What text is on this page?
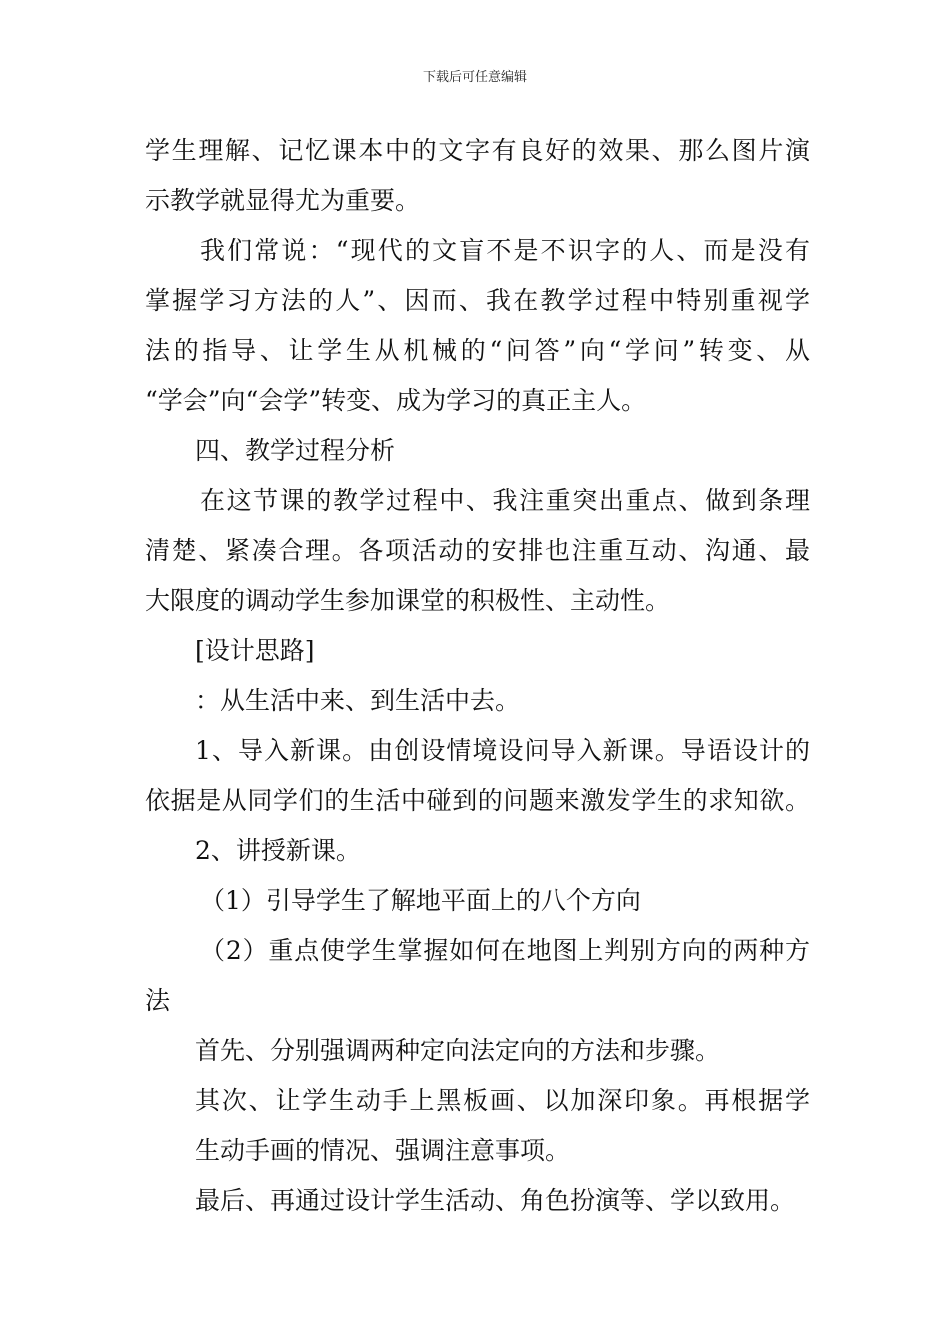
下载后可任意编辑
学生理解、记忆课本中的文字有良好的效果、那么图片演
示教学就显得尤为重要。
我们常说：“现代的文盲不是不识字的人、而是没有
掌握学习方法的人”、因而、我在教学过程中特别重视学
法的指导、让学生从机械的“问答”向“学问”转变、从
“学会”向“会学”转变、成为学习的真正主人。
四、教学过程分析
在这节课的教学过程中、我注重突出重点、做到条理
清楚、紧凑合理。各项活动的安排也注重互动、沟通、最
大限度的调动学生参加课堂的积极性、主动性。
[设计思路]
：从生活中来、到生活中去。
1、导入新课。由创设情境设问导入新课。导语设计的
依据是从同学们的生活中碰到的问题来激发学生的求知欲。
2、讲授新课。
（1）引导学生了解地平面上的八个方向
（2）重点使学生掌握如何在地图上判别方向的两种方
法
首先、分别强调两种定向法定向的方法和步骤。
其次、让学生动手上黑板画、以加深印象。再根据学
生动手画的情况、强调注意事项。
最后、再通过设计学生活动、角色扮演等、学以致用。
